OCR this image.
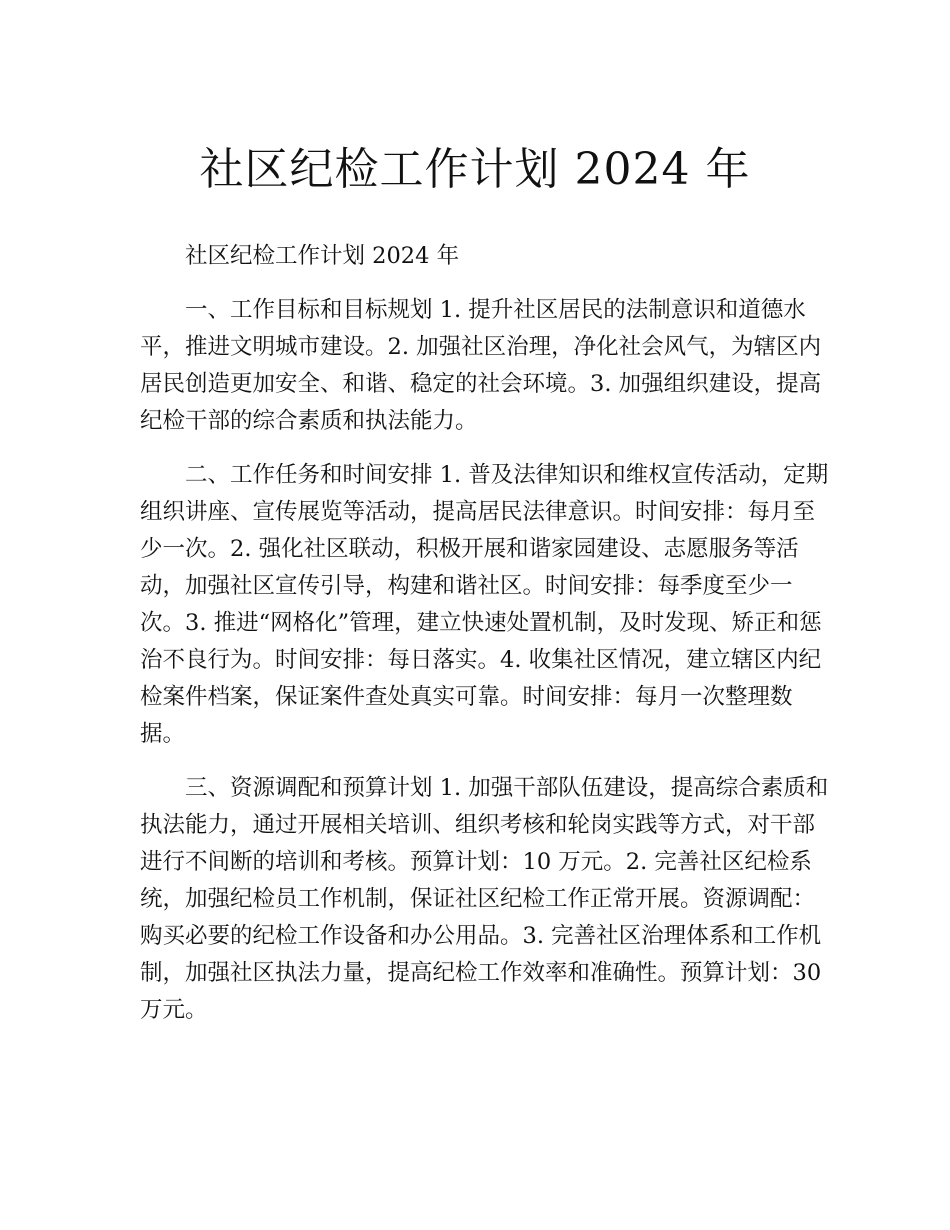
社区纪检工作计划 2024 年

社区纪检工作计划 2024 年

一、工作目标和目标规划 1. 提升社区居民的法制意识和道德水平，推进文明城市建设。2. 加强社区治理，净化社会风气，为辖区内居民创造更加安全、和谐、稳定的社会环境。3. 加强组织建设，提高纪检干部的综合素质和执法能力。

二、工作任务和时间安排 1. 普及法律知识和维权宣传活动，定期组织讲座、宣传展览等活动，提高居民法律意识。时间安排：每月至少一次。2. 强化社区联动，积极开展和谐家园建设、志愿服务等活动，加强社区宣传引导，构建和谐社区。时间安排：每季度至少一次。3. 推进“网格化”管理，建立快速处置机制，及时发现、矫正和惩治不良行为。时间安排：每日落实。4. 收集社区情况，建立辖区内纪检案件档案，保证案件查处真实可靠。时间安排：每月一次整理数据。

三、资源调配和预算计划 1. 加强干部队伍建设，提高综合素质和执法能力，通过开展相关培训、组织考核和轮岗实践等方式，对干部进行不间断的培训和考核。预算计划：10 万元。2. 完善社区纪检系统，加强纪检员工作机制，保证社区纪检工作正常开展。资源调配：购买必要的纪检工作设备和办公用品。3. 完善社区治理体系和工作机制，加强社区执法力量，提高纪检工作效率和准确性。预算计划：30 万元。
